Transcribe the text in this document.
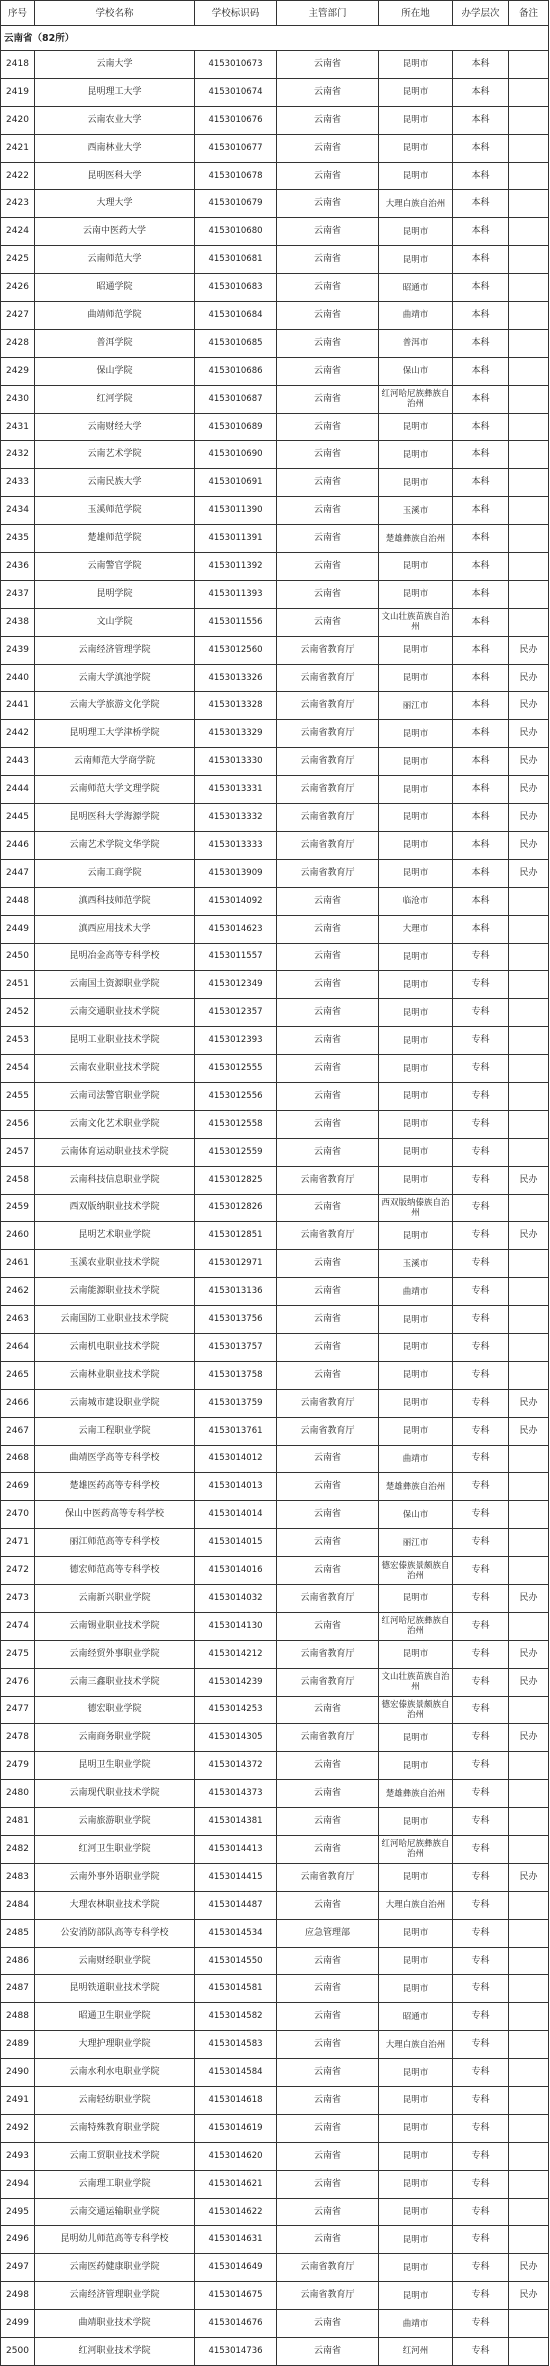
序号	学校名称	学校标识码	主管部门	所在地	办学层次	备注
云南省（82所）						
2418	云南大学	4153010673	云南省	昆明市	本科	
2419	昆明理工大学	4153010674	云南省	昆明市	本科	
2420	云南农业大学	4153010676	云南省	昆明市	本科	
2421	西南林业大学	4153010677	云南省	昆明市	本科	
2422	昆明医科大学	4153010678	云南省	昆明市	本科	
2423	大理大学	4153010679	云南省	大理白族自治州	本科	
2424	云南中医药大学	4153010680	云南省	昆明市	本科	
2425	云南师范大学	4153010681	云南省	昆明市	本科	
2426	昭通学院	4153010683	云南省	昭通市	本科	
2427	曲靖师范学院	4153010684	云南省	曲靖市	本科	
2428	普洱学院	4153010685	云南省	普洱市	本科	
2429	保山学院	4153010686	云南省	保山市	本科	
2430	红河学院	4153010687	云南省	红河哈尼族彝族自治州	本科	
2431	云南财经大学	4153010689	云南省	昆明市	本科	
2432	云南艺术学院	4153010690	云南省	昆明市	本科	
2433	云南民族大学	4153010691	云南省	昆明市	本科	
2434	玉溪师范学院	4153011390	云南省	玉溪市	本科	
2435	楚雄师范学院	4153011391	云南省	楚雄彝族自治州	本科	
2436	云南警官学院	4153011392	云南省	昆明市	本科	
2437	昆明学院	4153011393	云南省	昆明市	本科	
2438	文山学院	4153011556	云南省	文山壮族苗族自治州	本科	
2439	云南经济管理学院	4153012560	云南省教育厅	昆明市	本科	民办
2440	云南大学滇池学院	4153013326	云南省教育厅	昆明市	本科	民办
2441	云南大学旅游文化学院	4153013328	云南省教育厅	丽江市	本科	民办
2442	昆明理工大学津桥学院	4153013329	云南省教育厅	昆明市	本科	民办
2443	云南师范大学商学院	4153013330	云南省教育厅	昆明市	本科	民办
2444	云南师范大学文理学院	4153013331	云南省教育厅	昆明市	本科	民办
2445	昆明医科大学海源学院	4153013332	云南省教育厅	昆明市	本科	民办
2446	云南艺术学院文华学院	4153013333	云南省教育厅	昆明市	本科	民办
2447	云南工商学院	4153013909	云南省教育厅	昆明市	本科	民办
2448	滇西科技师范学院	4153014092	云南省	临沧市	本科	
2449	滇西应用技术大学	4153014623	云南省	大理市	本科	
2450	昆明冶金高等专科学校	4153011557	云南省	昆明市	专科	
2451	云南国土资源职业学院	4153012349	云南省	昆明市	专科	
2452	云南交通职业技术学院	4153012357	云南省	昆明市	专科	
2453	昆明工业职业技术学院	4153012393	云南省	昆明市	专科	
2454	云南农业职业技术学院	4153012555	云南省	昆明市	专科	
2455	云南司法警官职业学院	4153012556	云南省	昆明市	专科	
2456	云南文化艺术职业学院	4153012558	云南省	昆明市	专科	
2457	云南体育运动职业技术学院	4153012559	云南省	昆明市	专科	
2458	云南科技信息职业学院	4153012825	云南省教育厅	昆明市	专科	民办
2459	西双版纳职业技术学院	4153012826	云南省	西双版纳傣族自治州	专科	
2460	昆明艺术职业学院	4153012851	云南省教育厅	昆明市	专科	民办
2461	玉溪农业职业技术学院	4153012971	云南省	玉溪市	专科	
2462	云南能源职业技术学院	4153013136	云南省	曲靖市	专科	
2463	云南国防工业职业技术学院	4153013756	云南省	昆明市	专科	
2464	云南机电职业技术学院	4153013757	云南省	昆明市	专科	
2465	云南林业职业技术学院	4153013758	云南省	昆明市	专科	
2466	云南城市建设职业学院	4153013759	云南省教育厅	昆明市	专科	民办
2467	云南工程职业学院	4153013761	云南省教育厅	昆明市	专科	民办
2468	曲靖医学高等专科学校	4153014012	云南省	曲靖市	专科	
2469	楚雄医药高等专科学校	4153014013	云南省	楚雄彝族自治州	专科	
2470	保山中医药高等专科学校	4153014014	云南省	保山市	专科	
2471	丽江师范高等专科学校	4153014015	云南省	丽江市	专科	
2472	德宏师范高等专科学校	4153014016	云南省	德宏傣族景颇族自治州	专科	
2473	云南新兴职业学院	4153014032	云南省教育厅	昆明市	专科	民办
2474	云南锡业职业技术学院	4153014130	云南省	红河哈尼族彝族自治州	专科	
2475	云南经贸外事职业学院	4153014212	云南省教育厅	昆明市	专科	民办
2476	云南三鑫职业技术学院	4153014239	云南省教育厅	文山壮族苗族自治州	专科	民办
2477	德宏职业学院	4153014253	云南省	德宏傣族景颇族自治州	专科	
2478	云南商务职业学院	4153014305	云南省教育厅	昆明市	专科	民办
2479	昆明卫生职业学院	4153014372	云南省	昆明市	专科	
2480	云南现代职业技术学院	4153014373	云南省	楚雄彝族自治州	专科	
2481	云南旅游职业学院	4153014381	云南省	昆明市	专科	
2482	红河卫生职业学院	4153014413	云南省	红河哈尼族彝族自治州	专科	
2483	云南外事外语职业学院	4153014415	云南省教育厅	昆明市	专科	民办
2484	大理农林职业技术学院	4153014487	云南省	大理白族自治州	专科	
2485	公安消防部队高等专科学校	4153014534	应急管理部	昆明市	专科	
2486	云南财经职业学院	4153014550	云南省	昆明市	专科	
2487	昆明铁道职业技术学院	4153014581	云南省	昆明市	专科	
2488	昭通卫生职业学院	4153014582	云南省	昭通市	专科	
2489	大理护理职业学院	4153014583	云南省	大理白族自治州	专科	
2490	云南水利水电职业学院	4153014584	云南省	昆明市	专科	
2491	云南轻纺职业学院	4153014618	云南省	昆明市	专科	
2492	云南特殊教育职业学院	4153014619	云南省	昆明市	专科	
2493	云南工贸职业技术学院	4153014620	云南省	昆明市	专科	
2494	云南理工职业学院	4153014621	云南省	昆明市	专科	
2495	云南交通运输职业学院	4153014622	云南省	昆明市	专科	
2496	昆明幼儿师范高等专科学校	4153014631	云南省	昆明市	专科	
2497	云南医药健康职业学院	4153014649	云南省教育厅	昆明市	专科	民办
2498	云南经济管理职业学院	4153014675	云南省教育厅	昆明市	专科	民办
2499	曲靖职业技术学院	4153014676	云南省	曲靖市	专科	
2500	红河职业技术学院	4153014736	云南省	红河州	专科	
